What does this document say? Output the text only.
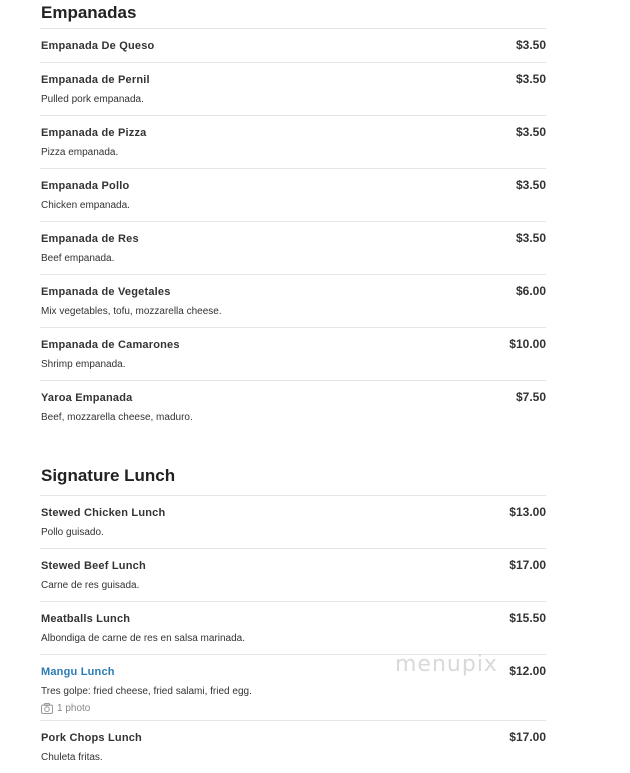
Empanadas
Empanada De Queso	$3.50
Empanada de Pernil	$3.50
Pulled pork empanada.
Empanada de Pizza	$3.50
Pizza empanada.
Empanada Pollo	$3.50
Chicken empanada.
Empanada de Res	$3.50
Beef empanada.
Empanada de Vegetales	$6.00
Mix vegetables, tofu, mozzarella cheese.
Empanada de Camarones	$10.00
Shrimp empanada.
Yaroa Empanada	$7.50
Beef, mozzarella cheese, maduro.
Signature Lunch
Stewed Chicken Lunch	$13.00
Pollo guisado.
Stewed Beef Lunch	$17.00
Carne de res guisada.
Meatballs Lunch	$15.50
Albondiga de carne de res en salsa marinada.
Mangu Lunch	$12.00
Tres golpe: fried cheese, fried salami, fried egg.
1 photo
Pork Chops Lunch	$17.00
Chuleta fritas.
menupix
